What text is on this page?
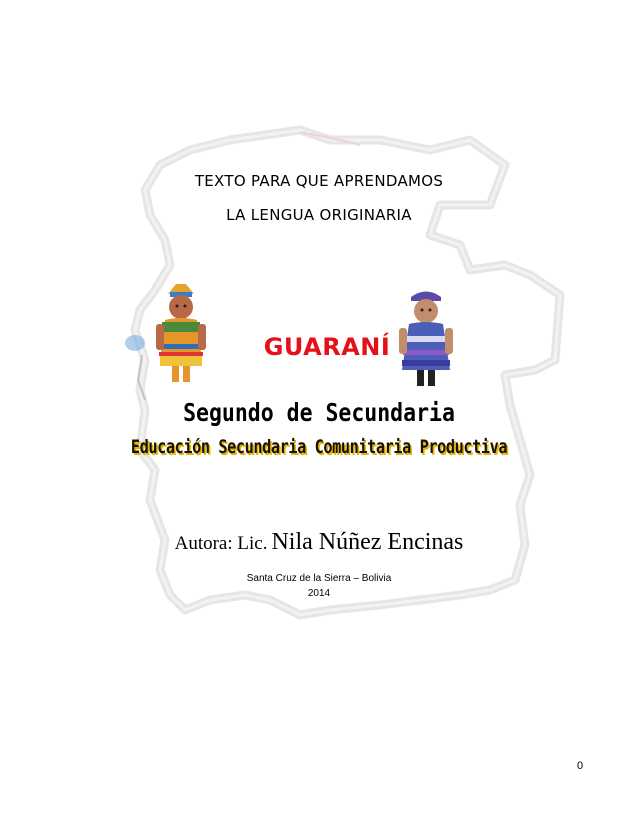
TEXTO PARA QUE APRENDAMOS
LA LENGUA ORIGINARIA
GUARANÍ
Segundo de Secundaria
Educación Secundaria Comunitaria Productiva
Autora: Lic. Nila Núñez Encinas
Santa Cruz de la Sierra – Bolivia
2014
0
